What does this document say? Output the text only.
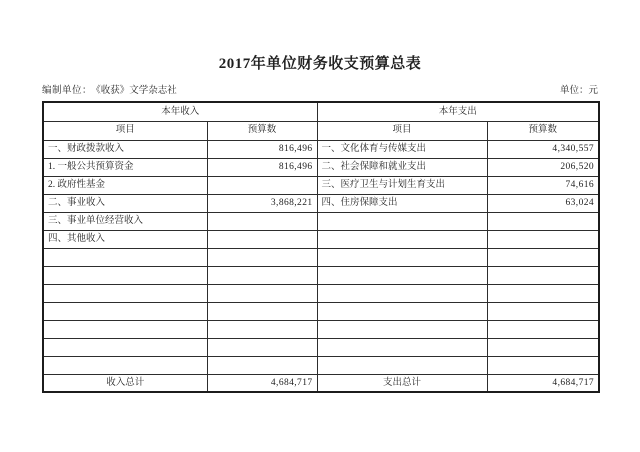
2017年单位财务收支预算总表
编制单位： 《收获》文学杂志社	单位：元
本年收入		本年支出	
项目	预算数	项目	预算数
一、财政拨款收入	816,496	一、文化体育与传媒支出	4,340,557
1. 一般公共预算资金	816,496	二、社会保障和就业支出	206,520
2. 政府性基金		三、医疗卫生与计划生育支出	74,616
二、事业收入	3,868,221	四、住房保障支出	63,024
三、事业单位经营收入			
四、其他收入			

收入总计	4,684,717	支出总计	4,684,717
